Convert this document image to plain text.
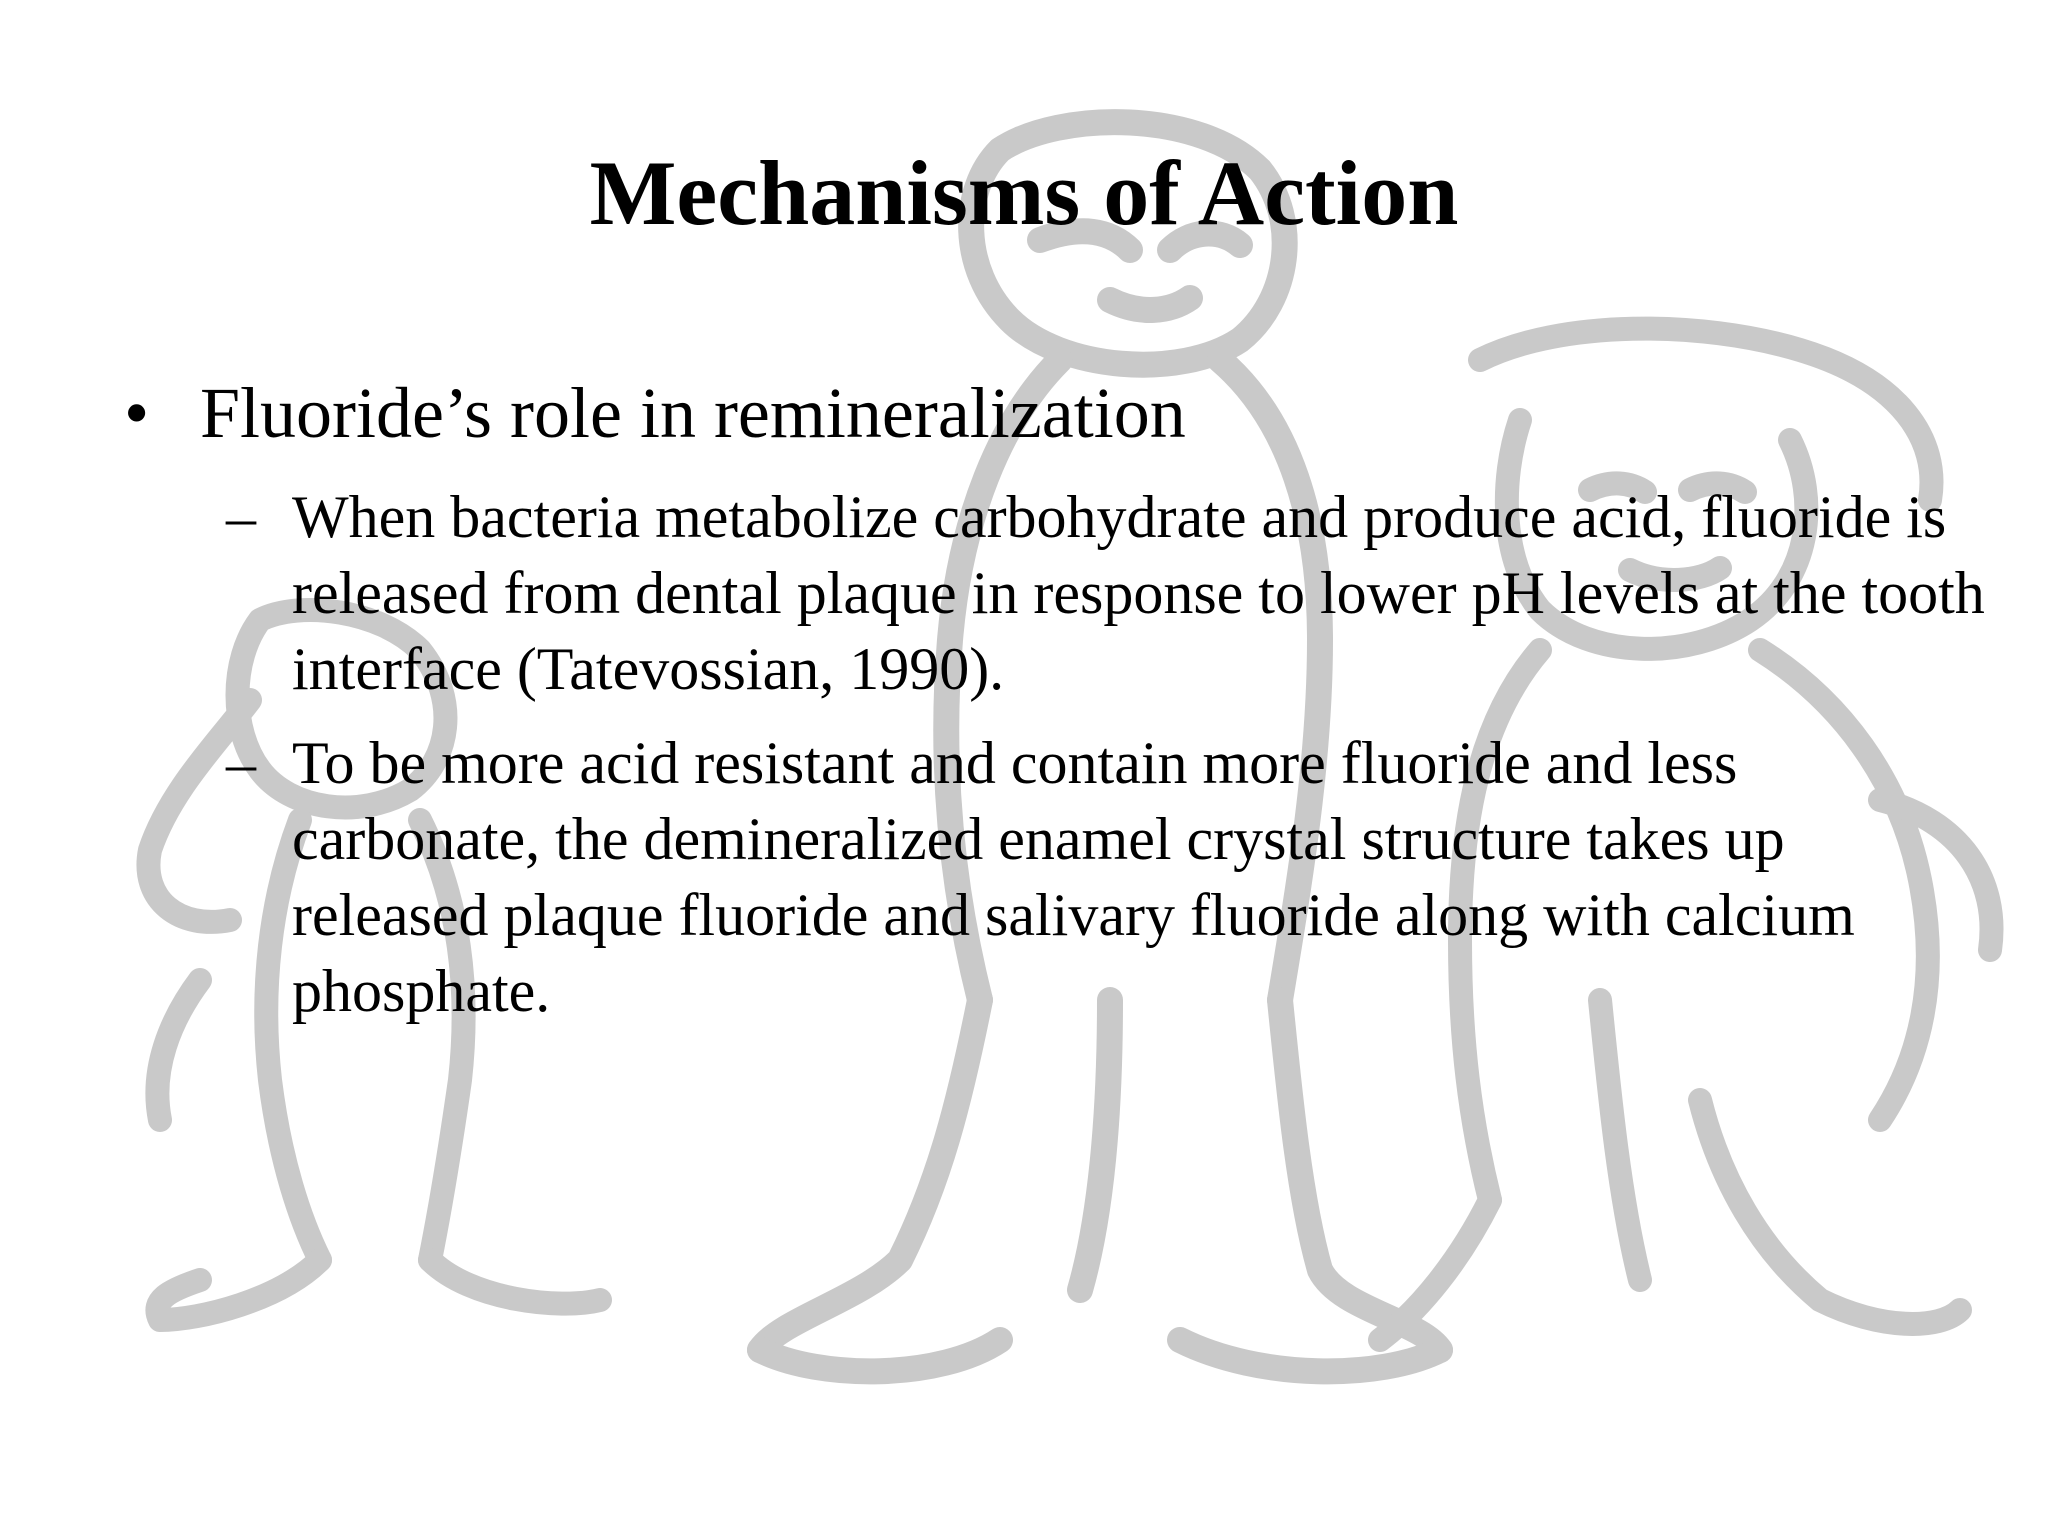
Mechanisms of Action
• Fluoride’s role in remineralization
– When bacteria metabolize carbohydrate and produce acid, fluoride is released from dental plaque in response to lower pH levels at the tooth interface (Tatevossian, 1990).
– To be more acid resistant and contain more fluoride and less carbonate, the demineralized enamel crystal structure takes up released plaque fluoride and salivary fluoride along with calcium phosphate.
